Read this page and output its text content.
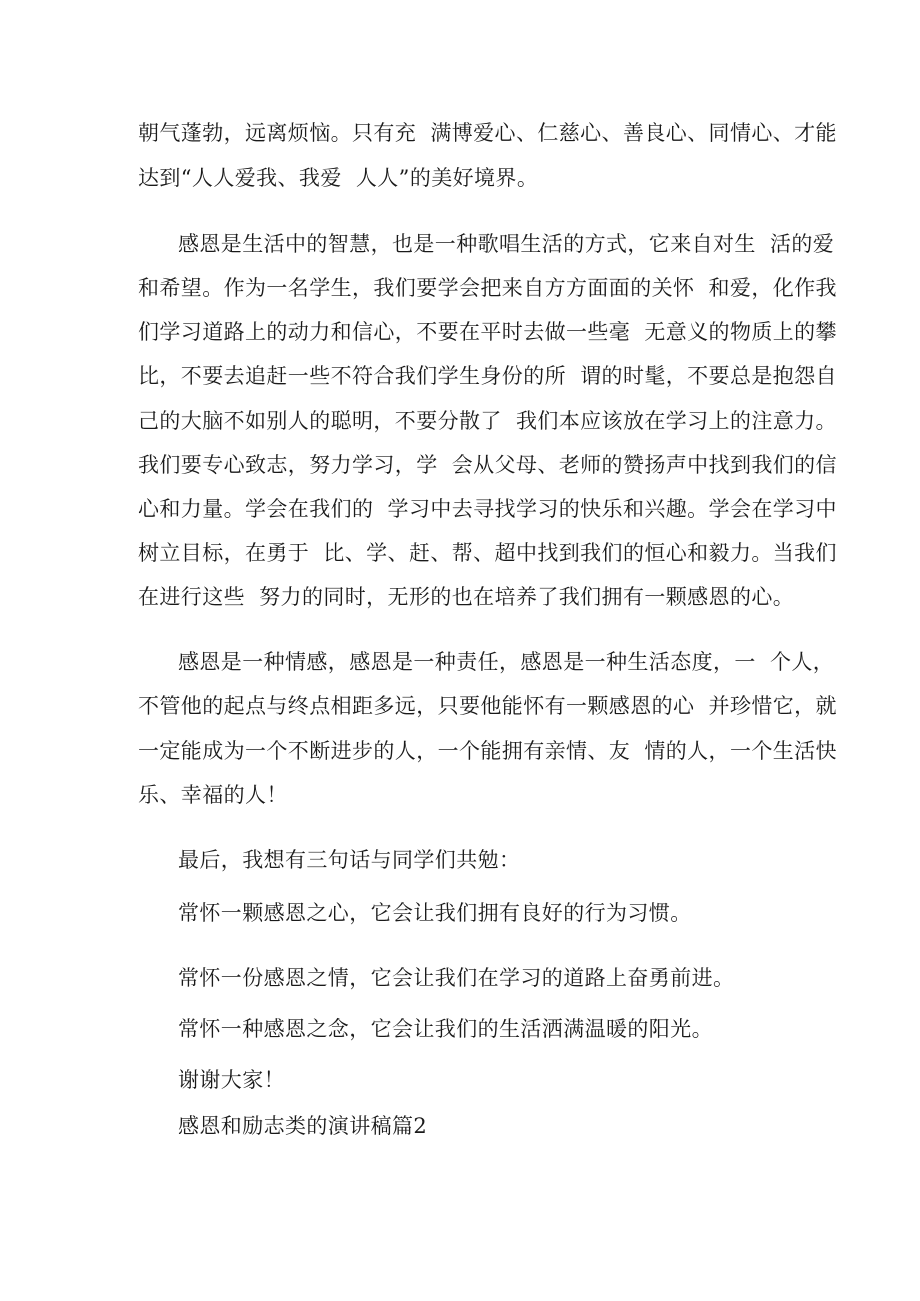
朝气蓬勃，远离烦恼。只有充  满博爱心、仁慈心、善良心、同情心、才能
达到“人人爱我、我爱  人人”的美好境界。
感恩是生活中的智慧，也是一种歌唱生活的方式，它来自对生  活的爱
和希望。作为一名学生，我们要学会把来自方方面面的关怀  和爱，化作我
们学习道路上的动力和信心，不要在平时去做一些毫  无意义的物质上的攀
比，不要去追赶一些不符合我们学生身份的所  谓的时髦，不要总是抱怨自
己的大脑不如别人的聪明，不要分散了  我们本应该放在学习上的注意力。
我们要专心致志，努力学习，学  会从父母、老师的赞扬声中找到我们的信
心和力量。学会在我们的  学习中去寻找学习的快乐和兴趣。学会在学习中
树立目标，在勇于  比、学、赶、帮、超中找到我们的恒心和毅力。当我们
在进行这些  努力的同时，无形的也在培养了我们拥有一颗感恩的心。
感恩是一种情感，感恩是一种责任，感恩是一种生活态度，一  个人，
不管他的起点与终点相距多远，只要他能怀有一颗感恩的心  并珍惜它，就
一定能成为一个不断进步的人，一个能拥有亲情、友  情的人，一个生活快
乐、幸福的人！
最后，我想有三句话与同学们共勉：
常怀一颗感恩之心，它会让我们拥有良好的行为习惯。
常怀一份感恩之情，它会让我们在学习的道路上奋勇前进。
常怀一种感恩之念，它会让我们的生活洒满温暖的阳光。
谢谢大家！
感恩和励志类的演讲稿篇2
